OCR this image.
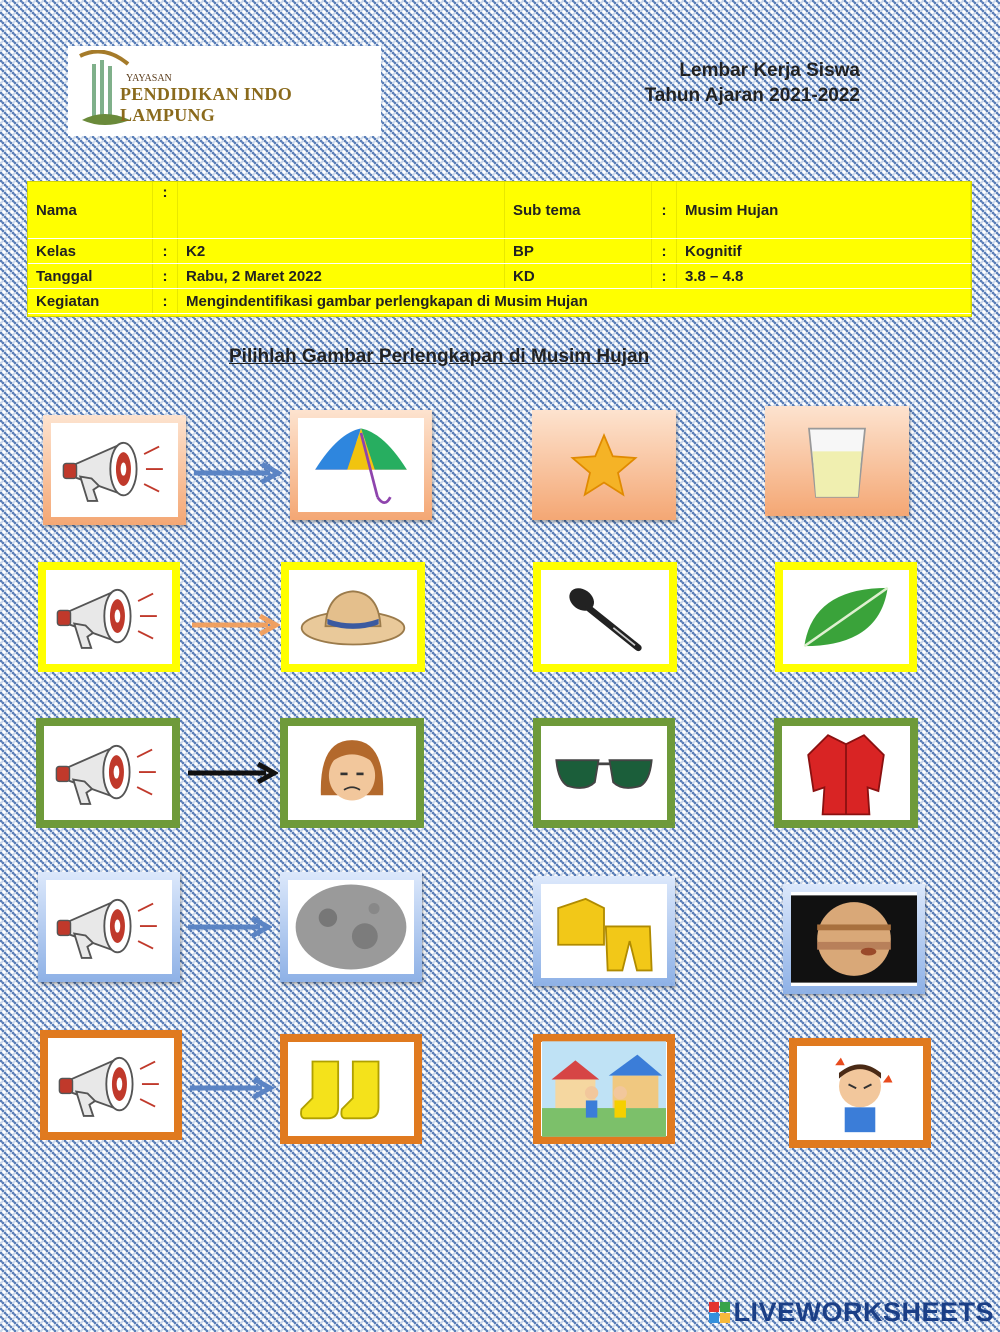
YAYASAN
PENDIDIKAN INDO LAMPUNG
Lembar Kerja Siswa
Tahun Ajaran 2021-2022
Nama	:		Sub tema	:	Musim Hujan
Kelas	:	K2	BP	:	Kognitif
Tanggal	:	Rabu, 2 Maret 2022	KD	:	3.8 – 4.8
Kegiatan	:	Mengindentifikasi gambar perlengkapan di Musim Hujan			
Pilihlah Gambar Perlengkapan di Musim Hujan
LIVEWORKSHEETS
